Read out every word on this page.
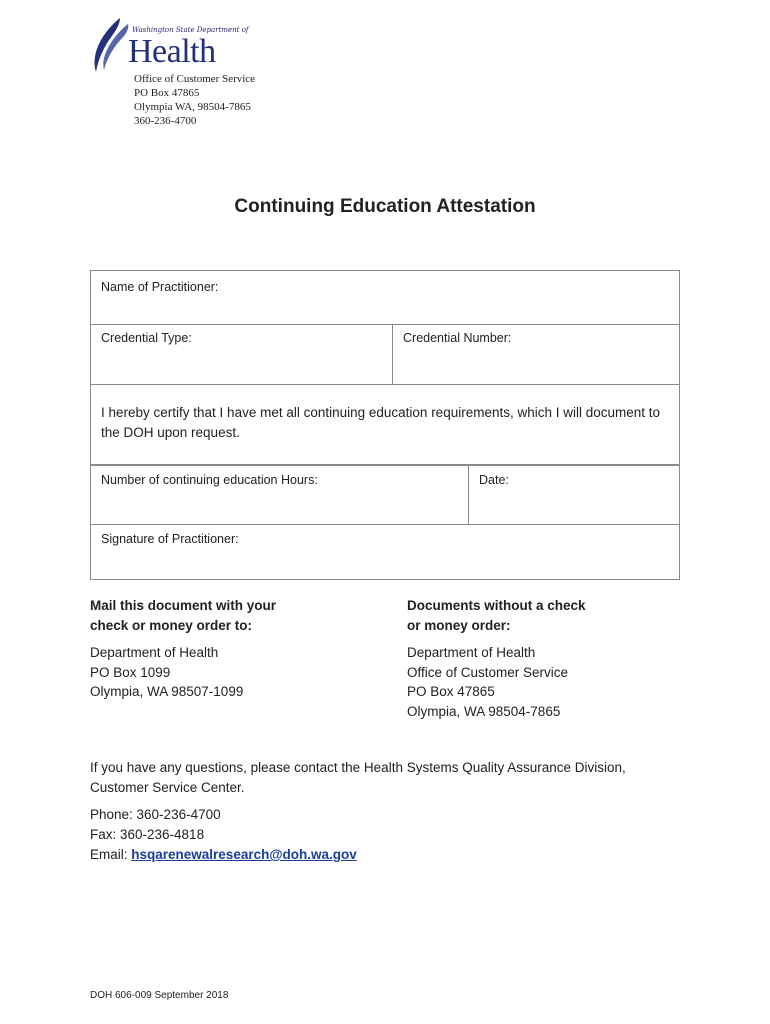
Washington State Department of
Health
Office of Customer Service
PO Box 47865
Olympia WA, 98504-7865
360-236-4700
Continuing Education Attestation
Name of Practitioner:
Credential Type:	Credential Number:
I hereby certify that I have met all continuing education requirements, which I will document to the DOH upon request.
Number of continuing education Hours:	Date:
Signature of Practitioner:
Mail this document with your
check or money order to:
Department of Health
PO Box 1099
Olympia, WA 98507-1099
Documents without a check
or money order:
Department of Health
Office of Customer Service
PO Box 47865
Olympia, WA 98504-7865
If you have any questions, please contact the Health Systems Quality Assurance Division, Customer Service Center.
Phone: 360-236-4700
Fax: 360-236-4818
Email: hsqarenewalresearch@doh.wa.gov
DOH 606-009 September 2018
